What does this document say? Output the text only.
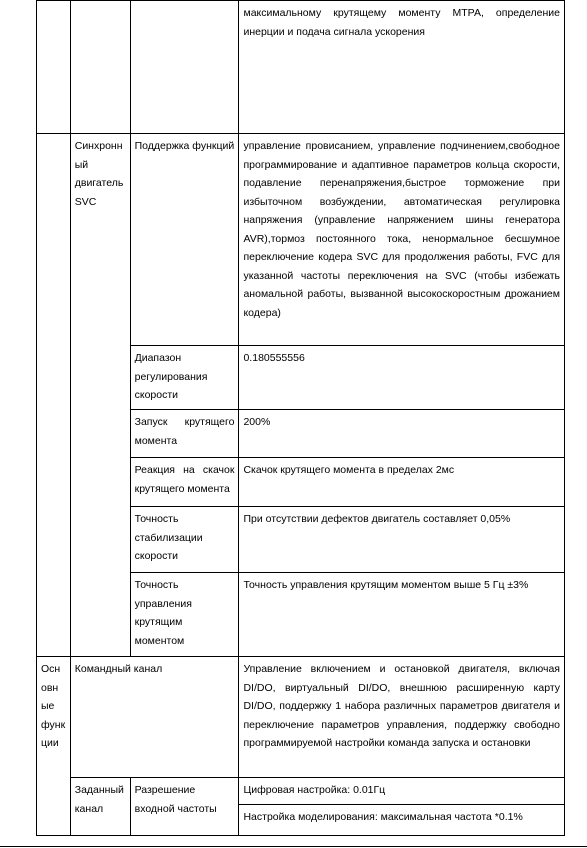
			максимальному крутящему моменту МТРА, определение инерции и подача сигнала ускорения
	Синхронный двигатель SVC	Поддержка функций	управление провисанием, управление подчинением,свободное программирование и адаптивное параметров кольца скорости, подавление перенапряжения,быстрое торможение при избыточном возбуждении, автоматическая регулировка напряжения (управление напряжением шины генератора AVR),тормоз постоянного тока, ненормальное бесшумное переключение кодера SVC для продолжения работы, FVC для указанной частоты переключения на SVC (чтобы избежать аномальной работы, вызванной высокоскоростным дрожанием кодера)
		Диапазон регулирования скорости	0.180555556
		Запуск крутящего момента	200%
		Реакция на скачок крутящего момента	Скачок крутящего момента в пределах 2мс
		Точность стабилизации скорости	При отсутствии дефектов двигатель составляет 0,05%
		Точность управления крутящим моментом	Точность управления крутящим моментом выше 5 Гц ±3%
Основные функции	Командный канал		Управление включением и остановкой двигателя, включая DI/DO, виртуальный DI/DO, внешнюю расширенную карту DI/DO, поддержку 1 набора различных параметров двигателя и переключение параметров управления, поддержку свободно программируемой настройки команда запуска и остановки
	Заданный канал	Разрешение входной частоты	Цифровая настройка: 0.01Гц
			Настройка моделирования: максимальная частота *0.1%
